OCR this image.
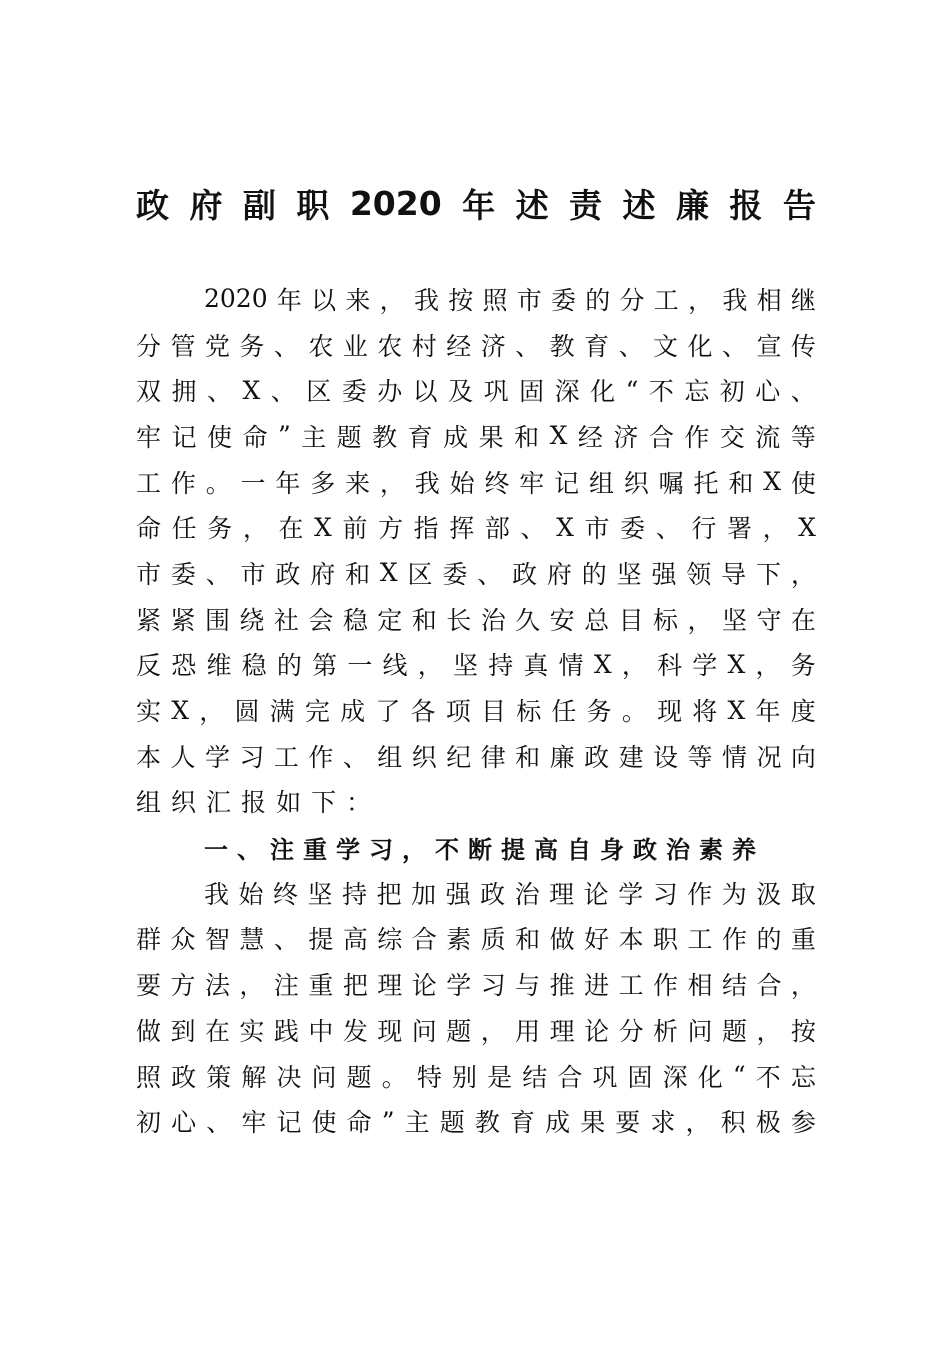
政 府 副 职 2020 年 述 责 述 廉 报 告
2020 年 以 来 ， 我 按 照 市 委 的 分 工 ， 我 相 继
分 管 党 务 、 农 业 农 村 经 济 、 教 育 、 文 化 、 宣 传
双 拥 、 X 、 区 委 办 以 及 巩 固 深 化 “ 不 忘 初 心 、
牢 记 使 命 ” 主 题 教 育 成 果 和 X 经 济 合 作 交 流 等
工 作 。 一 年 多 来 ， 我 始 终 牢 记 组 织 嘱 托 和 X 使
命 任 务 ， 在 X 前 方 指 挥 部 、 X 市 委 、 行 署 ， X
市 委 、 市 政 府 和 X 区 委 、 政 府 的 坚 强 领 导 下 ，
紧 紧 围 绕 社 会 稳 定 和 长 治 久 安 总 目 标 ， 坚 守 在
反 恐 维 稳 的 第 一 线 ， 坚 持 真 情 X ， 科 学 X ， 务
实 X ， 圆 满 完 成 了 各 项 目 标 任 务 。 现 将 X 年 度
本 人 学 习 工 作 、 组 织 纪 律 和 廉 政 建 设 等 情 况 向
组 织 汇 报 如 下 ：
一 、 注 重 学 习 ， 不 断 提 高 自 身 政 治 素 养
我 始 终 坚 持 把 加 强 政 治 理 论 学 习 作 为 汲 取
群 众 智 慧 、 提 高 综 合 素 质 和 做 好 本 职 工 作 的 重
要 方 法 ， 注 重 把 理 论 学 习 与 推 进 工 作 相 结 合 ，
做 到 在 实 践 中 发 现 问 题 ， 用 理 论 分 析 问 题 ， 按
照 政 策 解 决 问 题 。 特 别 是 结 合 巩 固 深 化 “ 不 忘
初 心 、 牢 记 使 命 ” 主 题 教 育 成 果 要 求 ， 积 极 参
